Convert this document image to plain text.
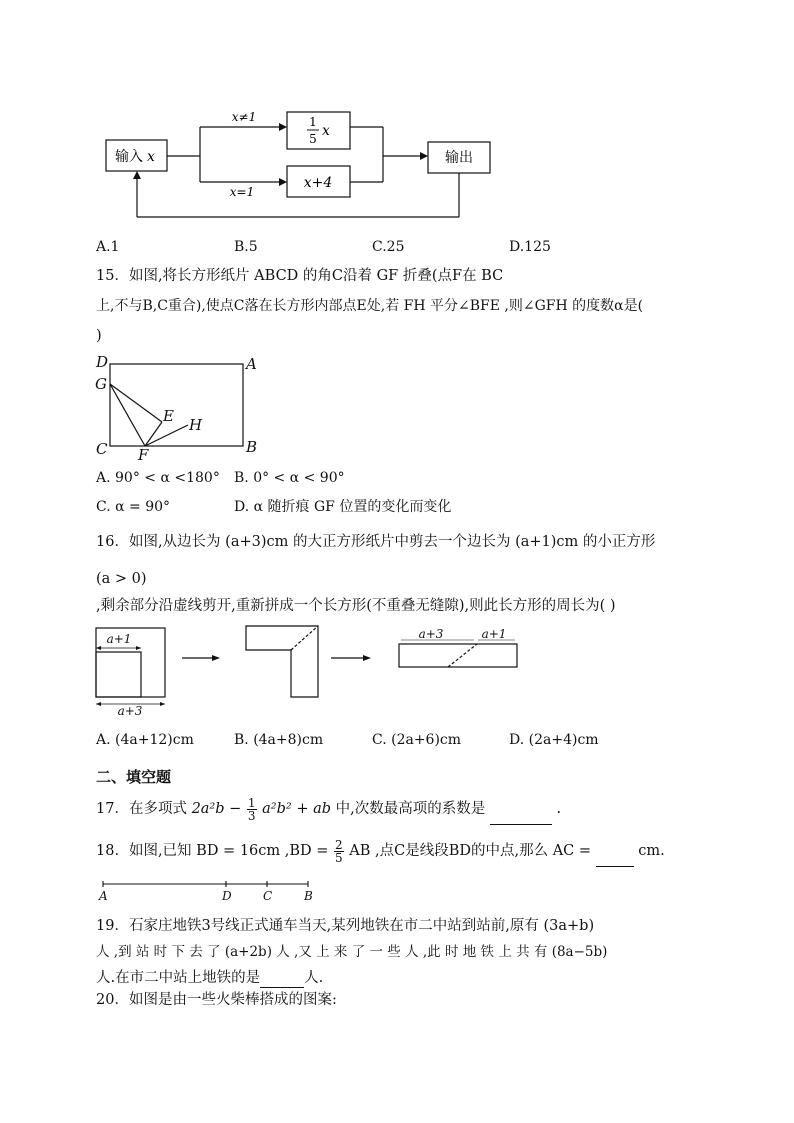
x≠1
x=1
输入 x
1
5 x
x+4
输出
A.1	B.5	C.25	D.125
15．如图,将长方形纸片 ABCD 的角C沿着 GF 折叠(点F在 BC
上,不与B,C重合),使点C落在长方形内部点E处,若 FH 平分∠BFE ,则∠GFH 的度数α是(
)
D	A
G
E H
C F	B
A. 90° < α <180° B. 0° < α < 90°
C. α = 90°	D. α 随折痕 GF 位置的变化而变化
16．如图,从边长为 (a+3)cm 的大正方形纸片中剪去一个边长为 (a+1)cm 的小正方形
(a > 0)
,剩余部分沿虚线剪开,重新拼成一个长方形(不重叠无缝隙),则此长方形的周长为( )
a+1
a+3
a+3	a+1
A. (4a+12)cm	B. (4a+8)cm	C. (2a+6)cm	D. (2a+4)cm
二、填空题
17．在多项式 $2a^2b - \frac{1}{3} a^2b^2$ + ab 中,次数最高项的系数是	.
18．如图,已知 BD = 16cm $,BD = \frac{2}{5}$ AB ,点C是线段BD的中点,那么 AC =	cm.
A	D	C	B
19．石家庄地铁3号线正式通车当天,某列地铁在市二中站到站前,原有 (3a+b)
人 ,到 站 时 下 去 了 (a+2b) 人 ,又 上 来 了 一 些 人 ,此 时 地 铁 上 共 有 (8a−5b)
人.在市二中站上地铁的是	人.
20．如图是由一些火柴棒搭成的图案:
